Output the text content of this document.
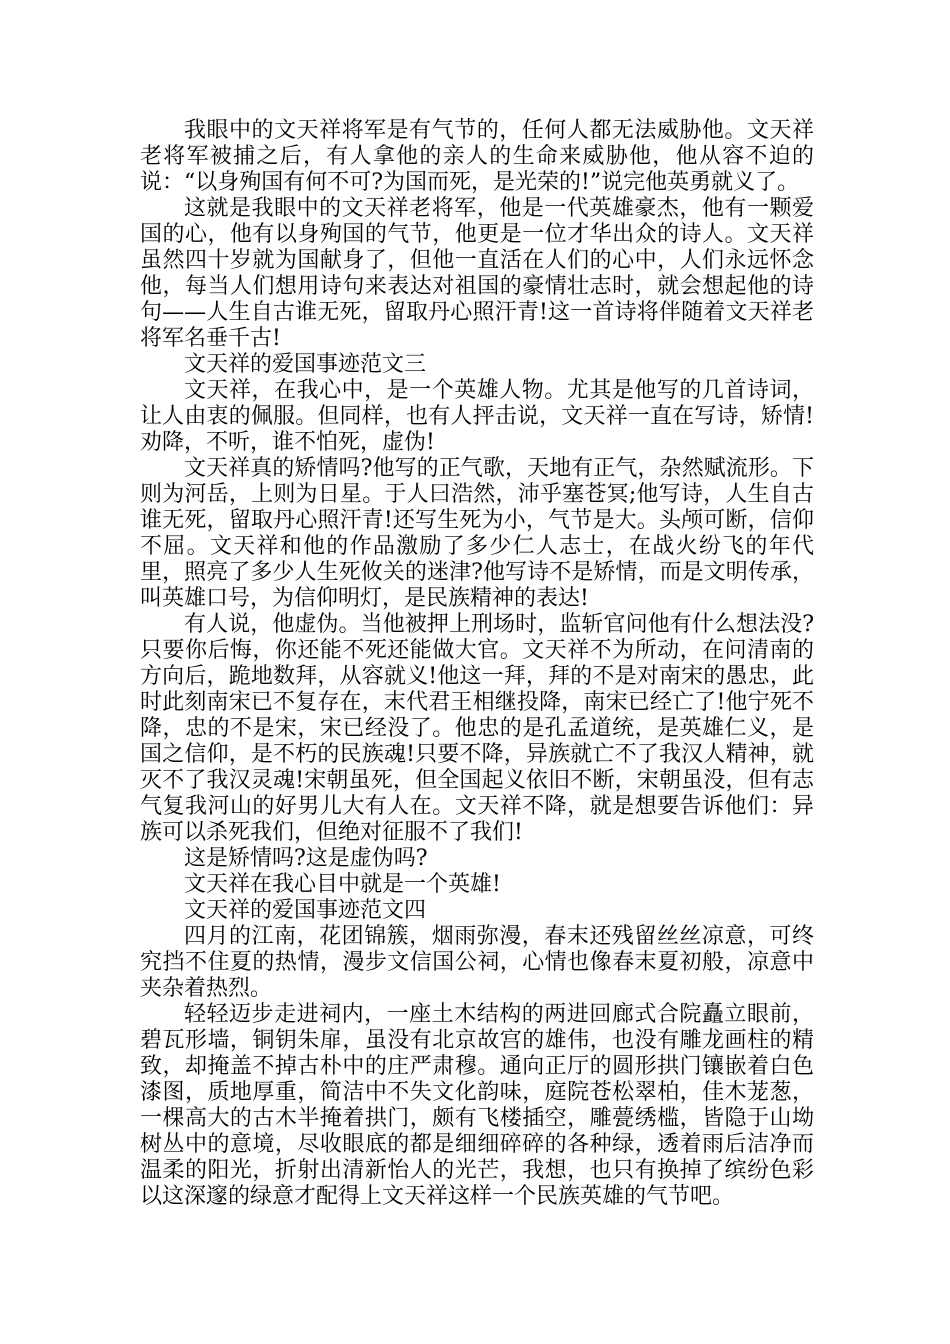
我眼中的文天祥将军是有气节的，任何人都无法威胁他。文天祥老将军被捕之后，有人拿他的亲人的生命来威胁他，他从容不迫的说：“以身殉国有何不可?为国而死，是光荣的!”说完他英勇就义了。

这就是我眼中的文天祥老将军，他是一代英雄豪杰，他有一颗爱国的心，他有以身殉国的气节，他更是一位才华出众的诗人。文天祥虽然四十岁就为国献身了，但他一直活在人们的心中，人们永远怀念他，每当人们想用诗句来表达对祖国的豪情壮志时，就会想起他的诗句——人生自古谁无死，留取丹心照汗青!这一首诗将伴随着文天祥老将军名垂千古!

文天祥的爱国事迹范文三

文天祥，在我心中，是一个英雄人物。尤其是他写的几首诗词，让人由衷的佩服。但同样，也有人抨击说，文天祥一直在写诗，矫情!劝降，不听，谁不怕死，虚伪!

文天祥真的矫情吗?他写的正气歌，天地有正气，杂然赋流形。下则为河岳，上则为日星。于人曰浩然，沛乎塞苍冥;他写诗，人生自古谁无死，留取丹心照汗青!还写生死为小，气节是大。头颅可断，信仰不屈。文天祥和他的作品激励了多少仁人志士，在战火纷飞的年代里，照亮了多少人生死攸关的迷津?他写诗不是矫情，而是文明传承，叫英雄口号，为信仰明灯，是民族精神的表达!

有人说，他虚伪。当他被押上刑场时，监斩官问他有什么想法没?只要你后悔，你还能不死还能做大官。文天祥不为所动，在问清南的方向后，跪地数拜，从容就义!他这一拜，拜的不是对南宋的愚忠，此时此刻南宋已不复存在，末代君王相继投降，南宋已经亡了!他宁死不降，忠的不是宋，宋已经没了。他忠的是孔孟道统，是英雄仁义，是国之信仰，是不朽的民族魂!只要不降，异族就亡不了我汉人精神，就灭不了我汉灵魂!宋朝虽死，但全国起义依旧不断，宋朝虽没，但有志气复我河山的好男儿大有人在。文天祥不降，就是想要告诉他们：异族可以杀死我们，但绝对征服不了我们!

这是矫情吗?这是虚伪吗?

文天祥在我心目中就是一个英雄!

文天祥的爱国事迹范文四

四月的江南，花团锦簇，烟雨弥漫，春末还残留丝丝凉意，可终究挡不住夏的热情，漫步文信国公祠，心情也像春末夏初般，凉意中夹杂着热烈。

轻轻迈步走进祠内，一座土木结构的两进回廊式合院矗立眼前，碧瓦形墙，铜钥朱扉，虽没有北京故宫的雄伟，也没有雕龙画柱的精致，却掩盖不掉古朴中的庄严肃穆。通向正厅的圆形拱门镶嵌着白色漆图，质地厚重，简洁中不失文化韵味，庭院苍松翠柏，佳木茏葱，一棵高大的古木半掩着拱门，颇有飞楼插空，雕甍绣槛，皆隐于山坳树丛中的意境，尽收眼底的都是细细碎碎的各种绿，透着雨后洁净而温柔的阳光，折射出清新怡人的光芒，我想，也只有换掉了缤纷色彩以这深邃的绿意才配得上文天祥这样一个民族英雄的气节吧。
